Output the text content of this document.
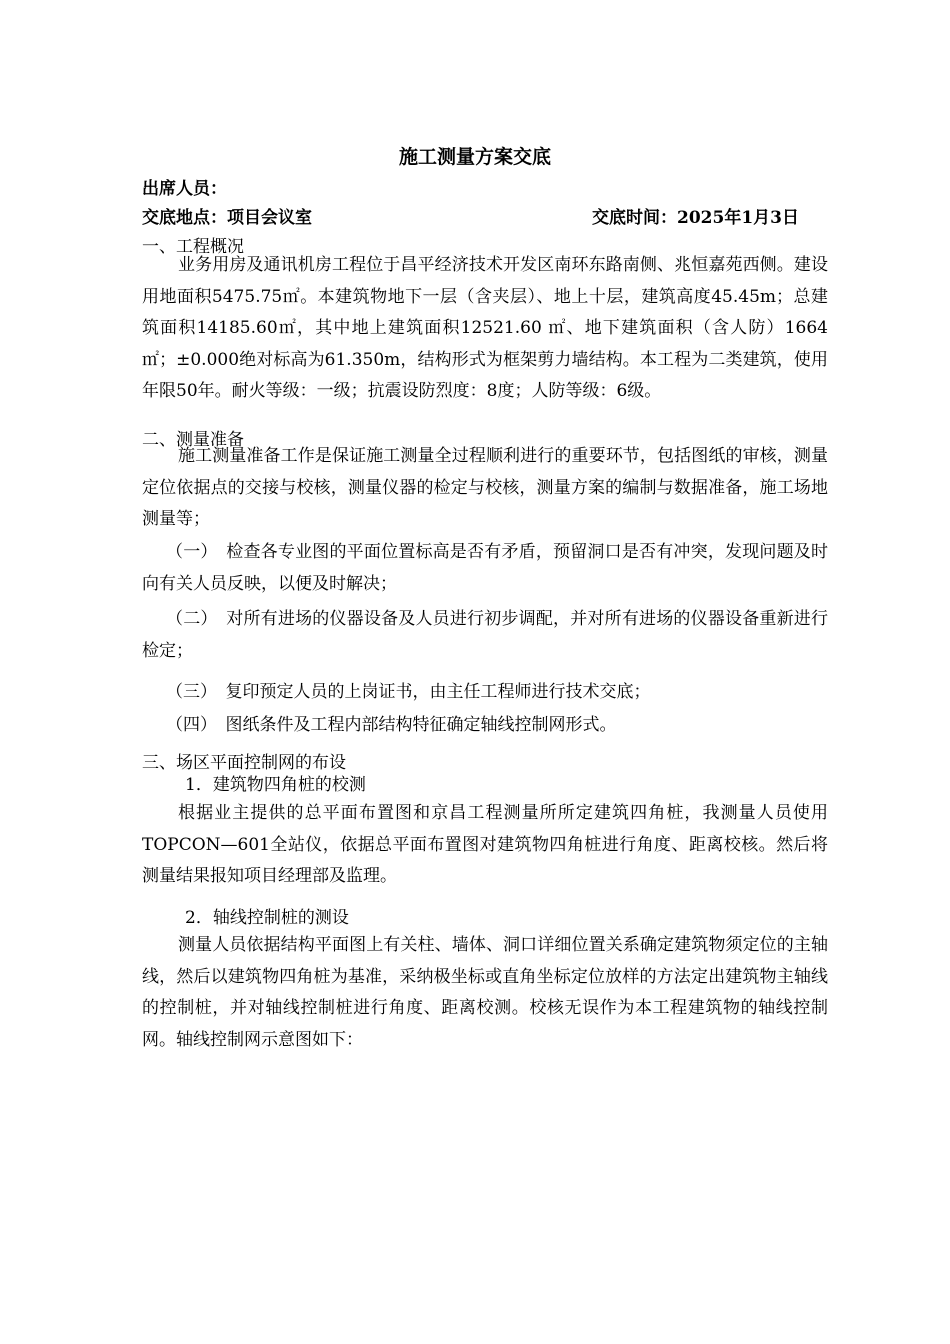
施工测量方案交底
出席人员：
交底地点：项目会议室	交底时间：2025年1月3日
一、工程概况
业务用房及通讯机房工程位于昌平经济技术开发区南环东路南侧、兆恒嘉苑西侧。建设用地面积5475.75㎡。本建筑物地下一层（含夹层）、地上十层，建筑高度45.45m；总建筑面积14185.60㎡，其中地上建筑面积12521.60 ㎡、地下建筑面积（含人防）1664 ㎡；±0.000绝对标高为61.350m，结构形式为框架剪力墙结构。本工程为二类建筑，使用年限50年。耐火等级：一级；抗震设防烈度：8度；人防等级：6级。
二、测量准备
施工测量准备工作是保证施工测量全过程顺利进行的重要环节，包括图纸的审核，测量定位依据点的交接与校核，测量仪器的检定与校核，测量方案的编制与数据准备，施工场地测量等；
（一）　检查各专业图的平面位置标高是否有矛盾，预留洞口是否有冲突，发现问题及时向有关人员反映，以便及时解决；
（二）　对所有进场的仪器设备及人员进行初步调配，并对所有进场的仪器设备重新进行检定；
（三）　复印预定人员的上岗证书，由主任工程师进行技术交底；
（四）　图纸条件及工程内部结构特征确定轴线控制网形式。
三、场区平面控制网的布设
1．建筑物四角桩的校测
根据业主提供的总平面布置图和京昌工程测量所所定建筑四角桩，我测量人员使用TOPCON—601全站仪，依据总平面布置图对建筑物四角桩进行角度、距离校核。然后将测量结果报知项目经理部及监理。
2．轴线控制桩的测设
测量人员依据结构平面图上有关柱、墙体、洞口详细位置关系确定建筑物须定位的主轴线，然后以建筑物四角桩为基准，采纳极坐标或直角坐标定位放样的方法定出建筑物主轴线的控制桩，并对轴线控制桩进行角度、距离校测。校核无误作为本工程建筑物的轴线控制网。轴线控制网示意图如下：
